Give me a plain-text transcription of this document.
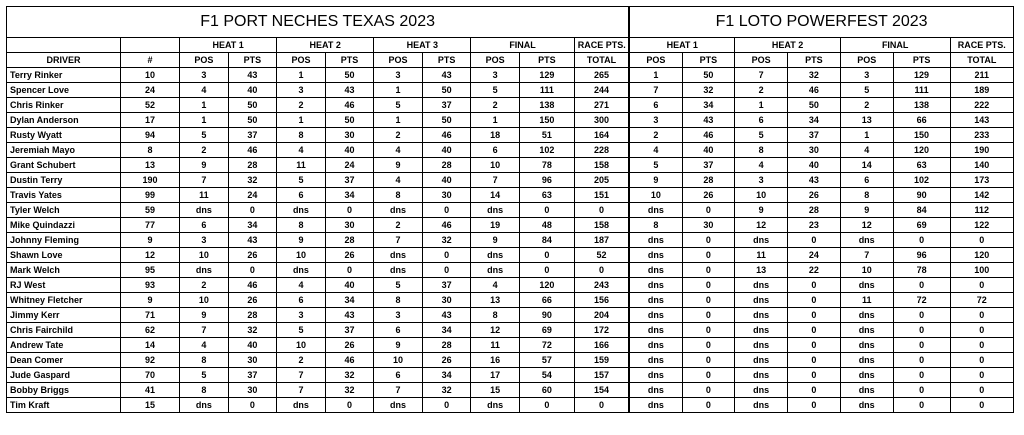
F1 PORT NECHES TEXAS 2023											F1 LOTO POWERFEST 2023						
		HEAT 1		HEAT 2		HEAT 3		FINAL		RACE PTS.	HEAT 1		HEAT 2		FINAL		RACE PTS.
DRIVER	#	POS	PTS	POS	PTS	POS	PTS	POS	PTS	TOTAL	POS	PTS	POS	PTS	POS	PTS	TOTAL
Terry Rinker	10	3	43	1	50	3	43	3	129	265	1	50	7	32	3	129	211
Spencer Love	24	4	40	3	43	1	50	5	111	244	7	32	2	46	5	111	189
Chris Rinker	52	1	50	2	46	5	37	2	138	271	6	34	1	50	2	138	222
Dylan Anderson	17	1	50	1	50	1	50	1	150	300	3	43	6	34	13	66	143
Rusty Wyatt	94	5	37	8	30	2	46	18	51	164	2	46	5	37	1	150	233
Jeremiah Mayo	8	2	46	4	40	4	40	6	102	228	4	40	8	30	4	120	190
Grant Schubert	13	9	28	11	24	9	28	10	78	158	5	37	4	40	14	63	140
Dustin Terry	190	7	32	5	37	4	40	7	96	205	9	28	3	43	6	102	173
Travis Yates	99	11	24	6	34	8	30	14	63	151	10	26	10	26	8	90	142
Tyler Welch	59	dns	0	dns	0	dns	0	dns	0	0	dns	0	9	28	9	84	112
Mike Quindazzi	77	6	34	8	30	2	46	19	48	158	8	30	12	23	12	69	122
Johnny Fleming	9	3	43	9	28	7	32	9	84	187	dns	0	dns	0	dns	0	0
Shawn Love	12	10	26	10	26	dns	0	dns	0	52	dns	0	11	24	7	96	120
Mark Welch	95	dns	0	dns	0	dns	0	dns	0	0	dns	0	13	22	10	78	100
RJ West	93	2	46	4	40	5	37	4	120	243	dns	0	dns	0	dns	0	0
Whitney Fletcher	9	10	26	6	34	8	30	13	66	156	dns	0	dns	0	11	72	72
Jimmy Kerr	71	9	28	3	43	3	43	8	90	204	dns	0	dns	0	dns	0	0
Chris Fairchild	62	7	32	5	37	6	34	12	69	172	dns	0	dns	0	dns	0	0
Andrew Tate	14	4	40	10	26	9	28	11	72	166	dns	0	dns	0	dns	0	0
Dean Comer	92	8	30	2	46	10	26	16	57	159	dns	0	dns	0	dns	0	0
Jude Gaspard	70	5	37	7	32	6	34	17	54	157	dns	0	dns	0	dns	0	0
Bobby Briggs	41	8	30	7	32	7	32	15	60	154	dns	0	dns	0	dns	0	0
Tim Kraft	15	dns	0	dns	0	dns	0	dns	0	0	dns	0	dns	0	dns	0	0
